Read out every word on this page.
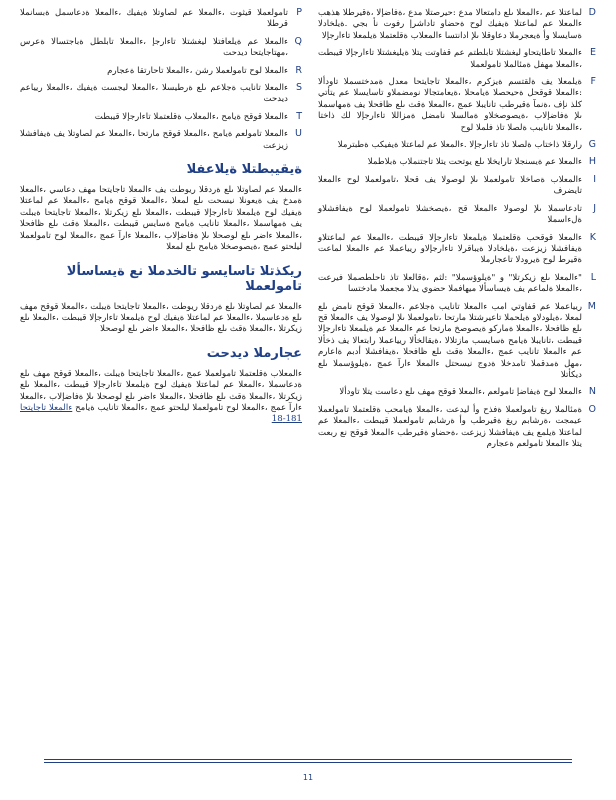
D
لماعتلا عم ،ءالمعلا ىلع دامتعالا مدع :حيرصتلا مدع ،ةفاضإلا ،ةقيرطلا هذهب ءالمعلا عم لماعتلا ةيفيك لوح ةحضاو تاداشرإ رفوت نأ بجي .ةيلخادلا ةسايسلا وأ ةيعجرملا دعاوقلا ىلإ ادانتسا ءالمعلاب ةقلعتملا ةيلمعلا تاءارجإلا
E
ءالمعلا تاطايتحاو ليغشتلا تابلطتم عم قفاوتت يتلا ةيليغشتلا تاءارجإلا قيبطت ،ءالمعلا مهفل ةمئالملا تامولعملا
F
ةيلمعلا يف ةلقتسم ةيزكرم ،ءالمعلا تاجايتحا معدل ةمدختسملا تاودألا :ءالمعلا قوقحل ةحيحصلا ةيامحلا ،ةيعامتجالا نومضملاو تاسايسلا عم يتأتي كلذ نإف ،ةنمآ ةقيرطب تانايبلا عمج ،ءالمعلا ةقث ىلع ظافحلا يف ةمهاسملا ىلإ ةفاضإلاب ،ةيصوصخلاو ةمالسلا نامضل ةمزاللا تاءارجإلا لك ذاختا ،ءالمعلا تانايبب ةلصلا تاذ فلملا لوح
G
رارقلا ذاختاب ةلصلا تاذ تاءارجإلا .ءالمعلا عم لماعتلا ةيفيكب ةطبترملا
H
ءالمعلا عم ةيسنجلا تارايخلا ىلع يوتحت يتلا تاجتنملاب ةبلاطملا
I
ءالمعلاب ةصاخلا تامولعملا ىلإ لوصولا يف قحلا ،تامولعملا لوح ءالمعلا تايضرف
J
تادعاسملا ىلإ لوصولا ءالمعلا قح ،ةيصخشلا تامولعملا لوح ةيفافشلاو ةلءاسملا
K
ءالمعلا قوقحب ةقلعتملا ةيلمعلا تاءارجإلا قيبطت ،ءالمعلا عم لماعتلاو ةيفافشلا زيزعت ،ةيلخادلا ةيباقرلا تاءارجإلاو ريياعملا عم ءالمعلا لماعت ةقيرط لوح ةيرودلا تاعجارملا
L
"ءالمعلا ىلع زيكرتلا" و "ةيلوؤسملا" :لثم ،ةقالعلا تاذ تاحلطصملا فيرعت ،ءالمعلا ةلماعم يف ةيساسألا ميهافملا حضوي يذلا مجعملا مادختسا
M
ريياعملا عم قفاوتي امب ءالمعلا تانايب ةجلاعم ،ءالمعلا قوقح نامض ىلع لمعلا ،ةيلودلاو ةيلحملا تاعيرشتلا مارتحا ،تامولعملا ىلإ لوصولا يف ءالمعلا قح ىلع ظافحلا ،ءالمعلا ةماركو ةيصوصخ مارتحا عم ءالمعلا عم ةيلمعلا تاءارجإلا قيبطت ،تانايبلا ةيامح ةسايسب مازتلالا ،ةيقالخألا ريياعملا رابتعالا يف ذخألا عم ءالمعلا تانايب عمج ،ءالمعلا ةقث ىلع ظافحلا ،ةيفافشلا أدبم ةاعارم ،مهل ةمدقملا تامدخلا ةدوج نيسحتل ءالمعلا ءارآ عمج ،ةيلوؤسملا ىلع ديكأتلا
N
ءالمعلا لوح ةيفاضإ تامولعم ،ءالمعلا قوقح مهف ىلع دعاست يتلا تاودألا
O
ةمئالملا ريغ تامولعملا ةفذح وأ ليدعت ،ءالمعلا ةيامحب ةقلعتملا تامولعملا عيمجت ،ةرشابم ريغ ةقيرطب وأ ةرشابم تامولعملا قيبطت ،ءالمعلا عم لماعتلا ةيلمع يف ةيفافشلا زيزعت ،ةحضاو ةقيرطب ءالمعلا قوقح نع ربعت يتلا ءالمعلا تامولعم ةعجارم
P
تامولعملا قيثوت ،ءالمعلا عم لصاوتلا ةيفيك ،ءالمعلا ةدعاسمل ةبسانملا قرطلا
Q
ءالمعلا عم ةيلعافتلا ليغشتلا تاءارجإ ،ءالمعلا تابلطل ةباجتسالا ةعرس ،مهتاجايتحا ديدحت
R
ءالمعلا لوح تامولعملا رشن ،ءالمعلا تاحارتقا ةعجارم
S
ءالمعلا تانايب ةجلاعم ىلع ةرطيسلا ،ءالمعلا ليجست ةيفيك ،ءالمعلا ريياعم ديدحت
T
ءالمعلا قوقح ةيامح ،ءالمعلاب ةقلعتملا تاءارجإلا قيبطت
U
ءالمعلا تامولعم ةيامح ،ءالمعلا قوقح مارتحا ،ءالمعلا عم لصاوتلا يف ةيفافشلا زيزعت
ةيقيبطتلا ةيلاعفلا
ءالمعلا عم لصاوتلا ىلع ةردقلا ريوطت يف ءالمعلا تاجايتحا مهف دعاسي ،ءالمعلا ةمدخ يف ةيعونلا نيسحت ىلع لمعلا ،ءالمعلا قوقح ةيامح ،ءالمعلا عم لماعتلا ةيفيك لوح ةيلمعلا تاءارجإلا قيبطت ،ءالمعلا ىلع زيكرتلا ،ءالمعلا تاجايتحا ةيبلت يف ةمهاسملا ،ءالمعلا تانايب ةيامح ةسايس قيبطت ،ءالمعلا ةقث ىلع ظافحلا ،ءالمعلا ءاضر ىلع لوصحلا ىلإ ةفاضإلاب ،ءالمعلا ءارآ عمج ،ءالمعلا لوح تامولعملا ليلحتو عمج ،ةيصوصخلا ةيامح ىلع لمعلا
ريكذتلا تاسايسو تالخدملا نع ةيساسألا تامولعملا
ءالمعلا عم لصاوتلا ىلع ةردقلا ريوطت ،ءالمعلا تاجايتحا ةيبلت ،ءالمعلا قوقح مهف ىلع ةدعاسملا ،ءالمعلا عم لماعتلا ةيفيك لوح ةيلمعلا تاءارجإلا قيبطت ،ءالمعلا ىلع زيكرتلا ،ءالمعلا ةقث ىلع ظافحلا ،ءالمعلا ءاضر ىلع لوصحلا
عجارملا ديدحت
ءالمعلاب ةقلعتملا تامولعملا عمج ،ءالمعلا تاجايتحا ةيبلت ،ءالمعلا قوقح مهف ىلع ةدعاسملا ،ءالمعلا عم لماعتلا ةيفيك لوح ةيلمعلا تاءارجإلا قيبطت ،ءالمعلا ىلع زيكرتلا ،ءالمعلا ةقث ىلع ظافحلا ،ءالمعلا ءاضر ىلع لوصحلا ىلإ ةفاضإلاب ،ءالمعلا ءارآ عمج ،ءالمعلا لوح تامولعملا ليلحتو عمج ،ءالمعلا تانايب ةيامح ءالمعلا تاجايتحا 181-18
11
